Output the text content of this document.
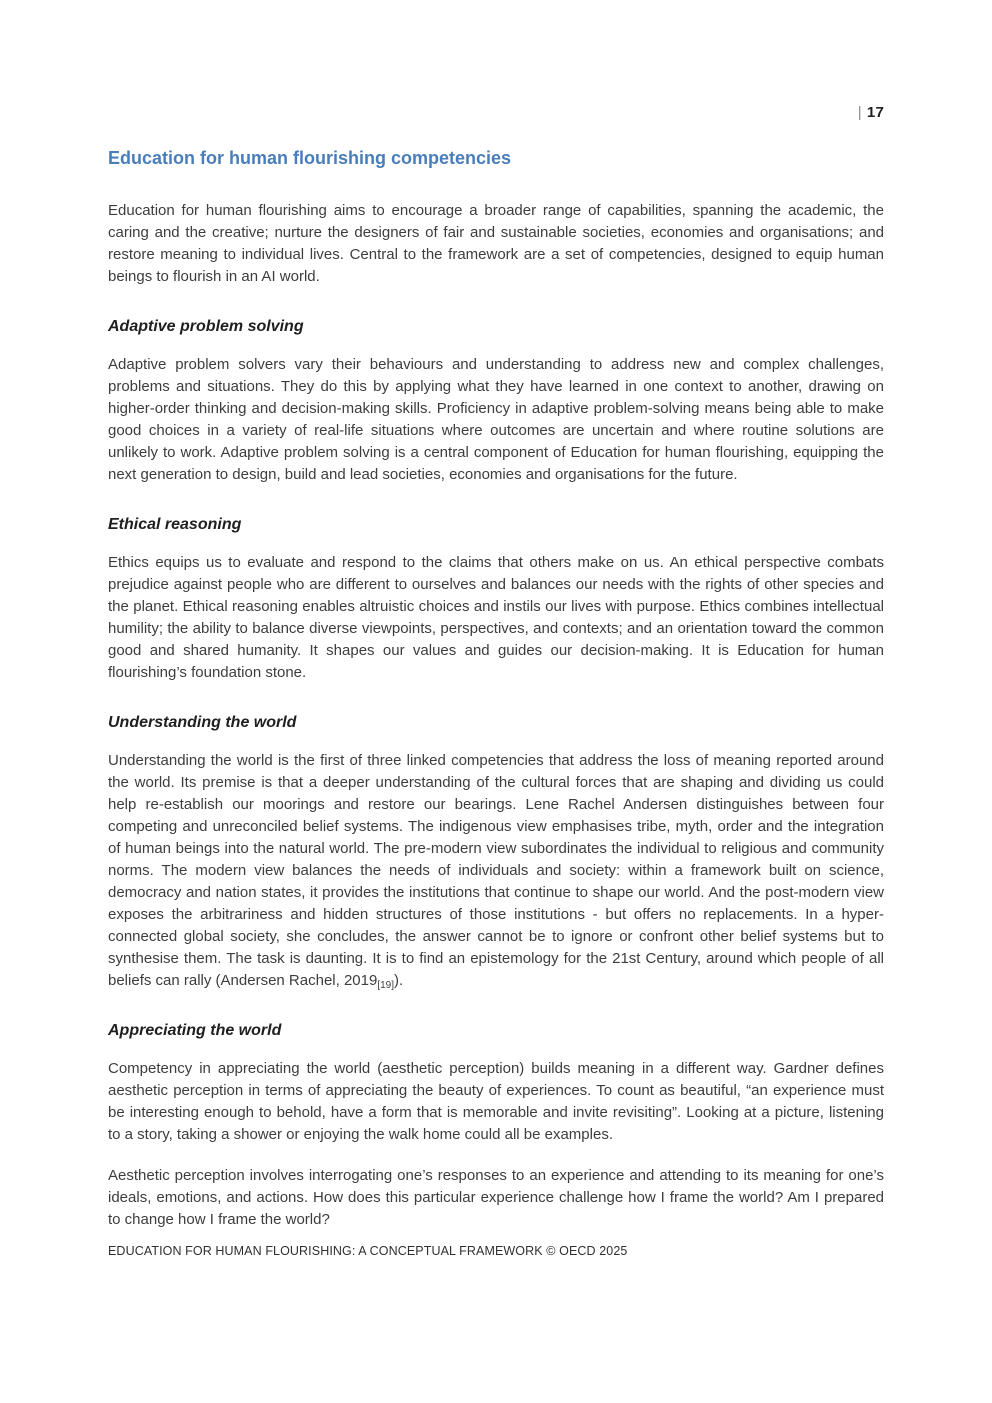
| 17
Education for human flourishing competencies

Education for human flourishing aims to encourage a broader range of capabilities, spanning the academic, the caring and the creative; nurture the designers of fair and sustainable societies, economies and organisations; and restore meaning to individual lives. Central to the framework are a set of competencies, designed to equip human beings to flourish in an AI world.

Adaptive problem solving

Adaptive problem solvers vary their behaviours and understanding to address new and complex challenges, problems and situations. They do this by applying what they have learned in one context to another, drawing on higher-order thinking and decision-making skills. Proficiency in adaptive problem-solving means being able to make good choices in a variety of real-life situations where outcomes are uncertain and where routine solutions are unlikely to work. Adaptive problem solving is a central component of Education for human flourishing, equipping the next generation to design, build and lead societies, economies and organisations for the future.

Ethical reasoning

Ethics equips us to evaluate and respond to the claims that others make on us. An ethical perspective combats prejudice against people who are different to ourselves and balances our needs with the rights of other species and the planet. Ethical reasoning enables altruistic choices and instils our lives with purpose. Ethics combines intellectual humility; the ability to balance diverse viewpoints, perspectives, and contexts; and an orientation toward the common good and shared humanity. It shapes our values and guides our decision-making. It is Education for human flourishing’s foundation stone.

Understanding the world

Understanding the world is the first of three linked competencies that address the loss of meaning reported around the world. Its premise is that a deeper understanding of the cultural forces that are shaping and dividing us could help re-establish our moorings and restore our bearings. Lene Rachel Andersen distinguishes between four competing and unreconciled belief systems. The indigenous view emphasises tribe, myth, order and the integration of human beings into the natural world. The pre-modern view subordinates the individual to religious and community norms. The modern view balances the needs of individuals and society: within a framework built on science, democracy and nation states, it provides the institutions that continue to shape our world. And the post-modern view exposes the arbitrariness and hidden structures of those institutions - but offers no replacements. In a hyper-connected global society, she concludes, the answer cannot be to ignore or confront other belief systems but to synthesise them. The task is daunting. It is to find an epistemology for the 21st Century, around which people of all beliefs can rally (Andersen Rachel, $2019_{[19]}$).

Appreciating the world

Competency in appreciating the world (aesthetic perception) builds meaning in a different way. Gardner defines aesthetic perception in terms of appreciating the beauty of experiences. To count as beautiful, “an experience must be interesting enough to behold, have a form that is memorable and invite revisiting”. Looking at a picture, listening to a story, taking a shower or enjoying the walk home could all be examples.

Aesthetic perception involves interrogating one’s responses to an experience and attending to its meaning for one’s ideals, emotions, and actions. How does this particular experience challenge how I frame the world? Am I prepared to change how I frame the world?

EDUCATION FOR HUMAN FLOURISHING: A CONCEPTUAL FRAMEWORK © OECD 2025
